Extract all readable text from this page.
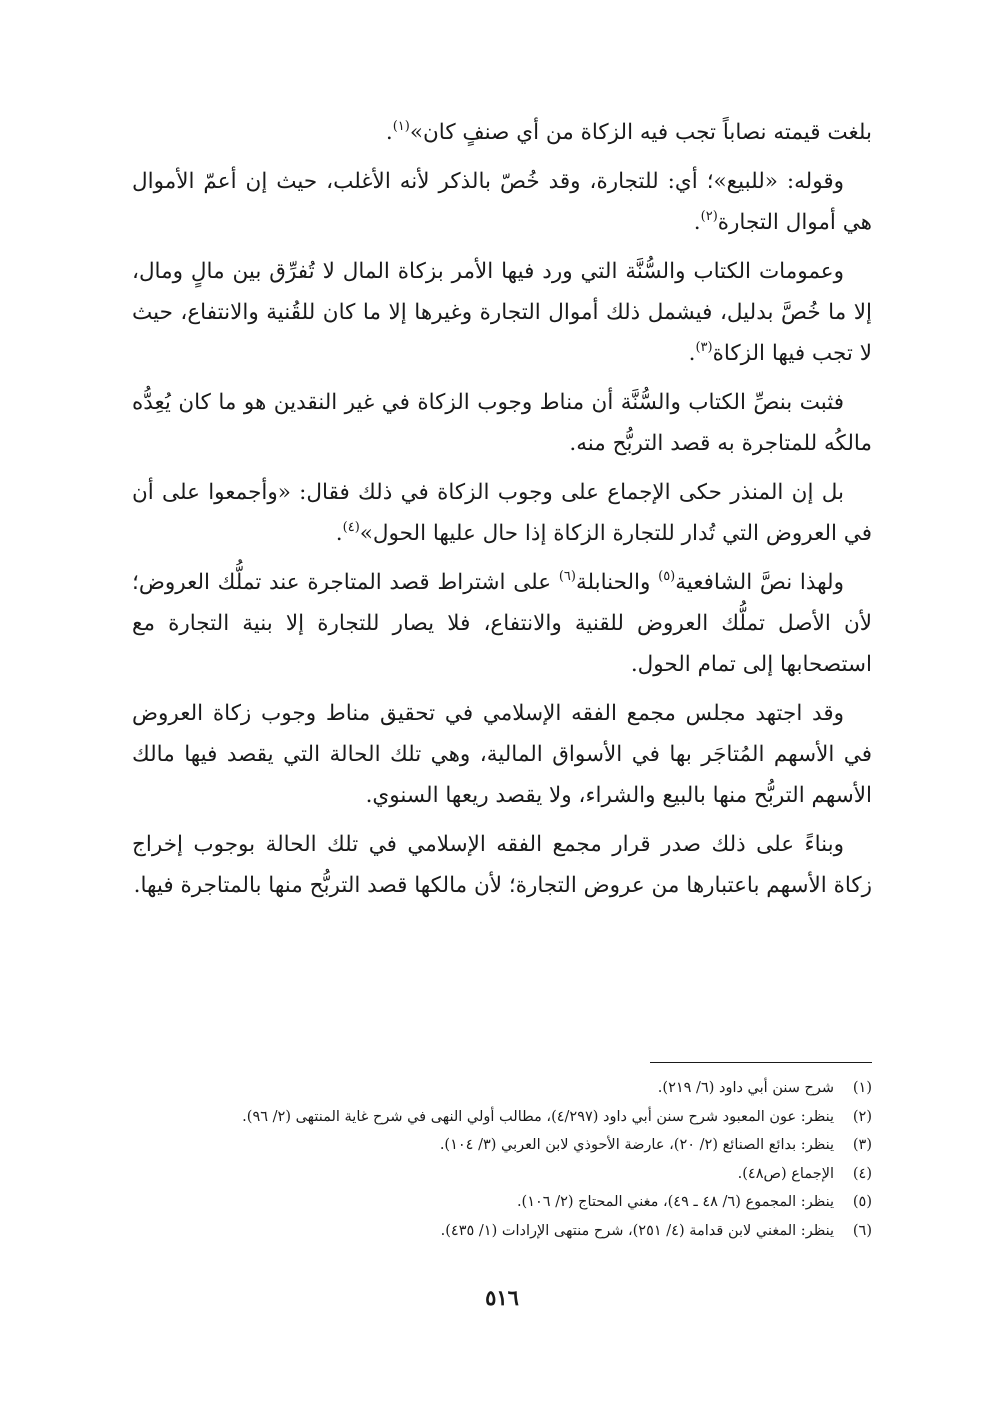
بلغت قيمته نصاباً تجب فيه الزكاة من أي صنفٍ كان»$^{(١)}$.

وقوله: «للبيع»؛ أي: للتجارة، وقد خُصّ بالذكر لأنه الأغلب، حيث إن أعمّ الأموال هي أموال التجارة$^{(٢)}$.

وعمومات الكتاب والسُّنَّة التي ورد فيها الأمر بزكاة المال لا تُفرِّق بين مالٍ ومال، إلا ما خُصَّ بدليل، فيشمل ذلك أموال التجارة وغيرها إلا ما كان للقُنية والانتفاع، حيث لا تجب فيها الزكاة$^{(٣)}$.

فثبت بنصِّ الكتاب والسُّنَّة أن مناط وجوب الزكاة في غير النقدين هو ما كان يُعِدُّه مالكُه للمتاجرة به قصد التربُّح منه.

بل إن المنذر حكى الإجماع على وجوب الزكاة في ذلك فقال: «وأجمعوا على أن في العروض التي تُدار للتجارة الزكاة إذا حال عليها الحول»$^{(٤)}$.

ولهذا نصَّ الشافعية$^{(٥)}$ والحنابلة$^{(٦)}$ على اشتراط قصد المتاجرة عند تملُّك العروض؛ لأن الأصل تملُّك العروض للقنية والانتفاع، فلا يصار للتجارة إلا بنية التجارة مع استصحابها إلى تمام الحول.

وقد اجتهد مجلس مجمع الفقه الإسلامي في تحقيق مناط وجوب زكاة العروض في الأسهم المُتاجَر بها في الأسواق المالية، وهي تلك الحالة التي يقصد فيها مالك الأسهم التربُّح منها بالبيع والشراء، ولا يقصد ريعها السنوي.

وبناءً على ذلك صدر قرار مجمع الفقه الإسلامي في تلك الحالة بوجوب إخراج زكاة الأسهم باعتبارها من عروض التجارة؛ لأن مالكها قصد التربُّح منها بالمتاجرة فيها.

(١)شرح سنن أبي داود (٦/ ٢١٩).
(٢)ينظر: عون المعبود شرح سنن أبي داود (٤/٢٩٧)، مطالب أولي النهى في شرح غاية المنتهى (٢/ ٩٦).
(٣)ينظر: بدائع الصنائع (٢/ ٢٠)، عارضة الأحوذي لابن العربي (٣/ ١٠٤).
(٤)الإجماع (ص٤٨).
(٥)ينظر: المجموع (٦/ ٤٨ ـ ٤٩)، مغني المحتاج (٢/ ١٠٦).
(٦)ينظر: المغني لابن قدامة (٤/ ٢٥١)، شرح منتهى الإرادات (١/ ٤٣٥).
٥١٦
